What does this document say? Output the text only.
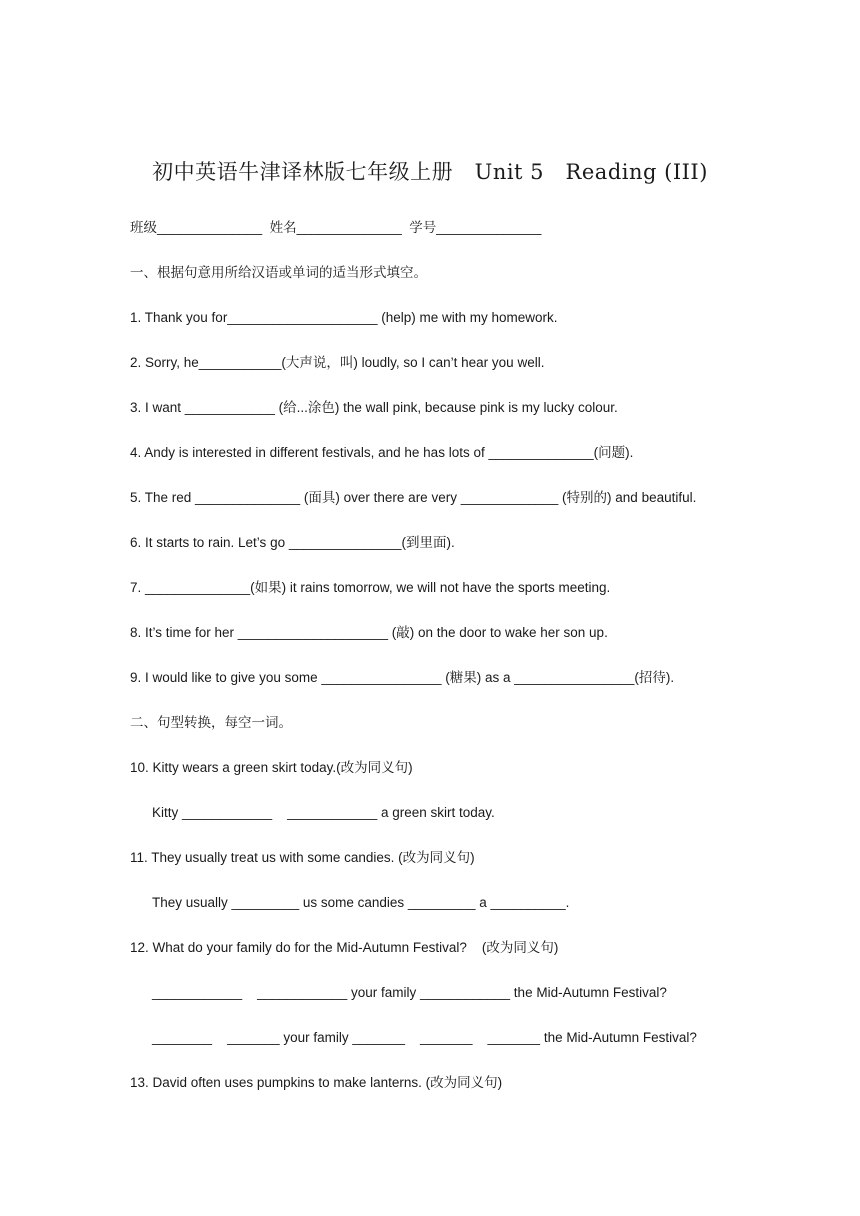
初中英语牛津译林版七年级上册   Unit 5   Reading (III)
班级______________  姓名______________  学号______________
一、根据句意用所给汉语或单词的适当形式填空。
1. Thank you for____________________ (help) me with my homework.
2. Sorry, he___________(大声说，叫) loudly, so I can’t hear you well.
3. I want ____________ (给...涂色) the wall pink, because pink is my lucky colour.
4. Andy is interested in different festivals, and he has lots of ______________(问题).
5. The red ______________ (面具) over there are very _____________ (特别的) and beautiful.
6. It starts to rain. Let’s go _______________(到里面).
7. ______________(如果) it rains tomorrow, we will not have the sports meeting.
8. It’s time for her ____________________ (敲) on the door to wake her son up.
9. I would like to give you some ________________ (糖果) as a ________________(招待).
二、句型转换，每空一词。
10. Kitty wears a green skirt today.(改为同义句)
Kitty ____________    ____________ a green skirt today.
11. They usually treat us with some candies. (改为同义句)
They usually _________ us some candies _________ a __________.
12. What do your family do for the Mid-Autumn Festival?    (改为同义句)
____________    ____________ your family ____________ the Mid-Autumn Festival?
________    _______ your family _______    _______    _______ the Mid-Autumn Festival?
13. David often uses pumpkins to make lanterns. (改为同义句)
